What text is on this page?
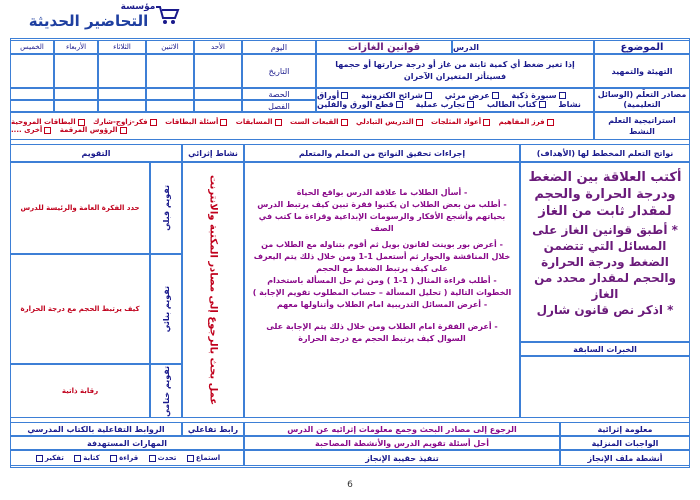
مؤسسة
التحاضير الحديثة
الموضوع
قوانين الغازات	الدرس
اليوم
الأحد
الاثنين
الثلاثاء
الأربعاء
الخميس
التهيئة والتمهيد
إذا تغير ضغط أي كمية ثابتة من غاز أو درجة حرارتها أو حجمها فسيتأثر المتغيران الآخران
التاريخ
مصادر التعلّم (الوسائل التعليمية)
سبورة ذكية عرض مرئي شرائح الكترونية أوراق
نشاط كتاب الطالب تجارب عملية قطع الورق والفلين
الحصة
الفصل
استراتيجية التعلم النشط
فرز المفاهيم أعواد المثلجات التدريس التبادلي القبعات الست المسابقات أسئلة البطاقات فكر-زاوج-شارك البطاقات المروحية
الرؤوس المرقمة أخرى ....
نواتج التعلم المخطط لها (الأهداف)
إجراءات تحقيق النواتج من المعلم والمتعلم
نشاط إثرائي
التقويم
أكتب العلاقة بين الضغط ودرجة الحرارة والحجم لمقدار ثابت من الغاز
* أطبق قوانين الغاز على المسائل التي تتضمن الضغط ودرجة الحرارة والحجم لمقدار محدد من الغاز
* اذكر نص قانون شارل
الخبرات السابقة
- أسأل الطلاب ما علاقة الدرس بواقع الحياة
- أطلب من بعض الطلاب ان يكتبوا فقرة تبين كيف يرتبط الدرس بحياتهم وأشجع الأفكار والرسومات الإبداعية وقراءة ما كتب في الصف
- أعرض بور بوينت لقانون بويل ثم أقوم بتناوله مع الطلاب من خلال المناقشة والحوار ثم أستعمل 1-1 ومن خلال ذلك يتم اليعرف على كيف يرتبط الضغط مع الحجم
- أطلب قراءة المثال ( 1-1 ) ومن ثم حل المسألة باستخدام الخطوات التالية ( تحليل المسألة – حساب المطلوب تقويم الإجابة )
- أعرض المسائل التدريبية امام الطلاب وأتناولها معهم
- أعرض الفقرة امام الطلاب ومن خلال ذلك يتم الإجابة على السوال كيف يرتبط الحجم مع درجة الحرارة
عمل بحث بالرجوع إلى مصادر المكتبة والانترنت
تقويم قبلي
حدد الفكرة العامة والرئيسة للدرس
تقويم بنائي
كيف يرتبط الحجم مع درجة الحرارة
تقويم ختامي
رقابة ذاتية
معلومة إثرائية
الرجوع إلى مصادر البحث وجمع معلومات إثرائيه عن الدرس
رابط تفاعلي
الروابط التفاعلية بالكتاب المدرسي
الواجبات المنزلية
أحل أسئلة تقويم الدرس والأنشطة المصاحبة
المهارات المستهدفة
أنشطة ملف الإنجاز
تنفيذ حقيبة الإنجاز
استماع تحدث قراءة كتابة تفكير
6
